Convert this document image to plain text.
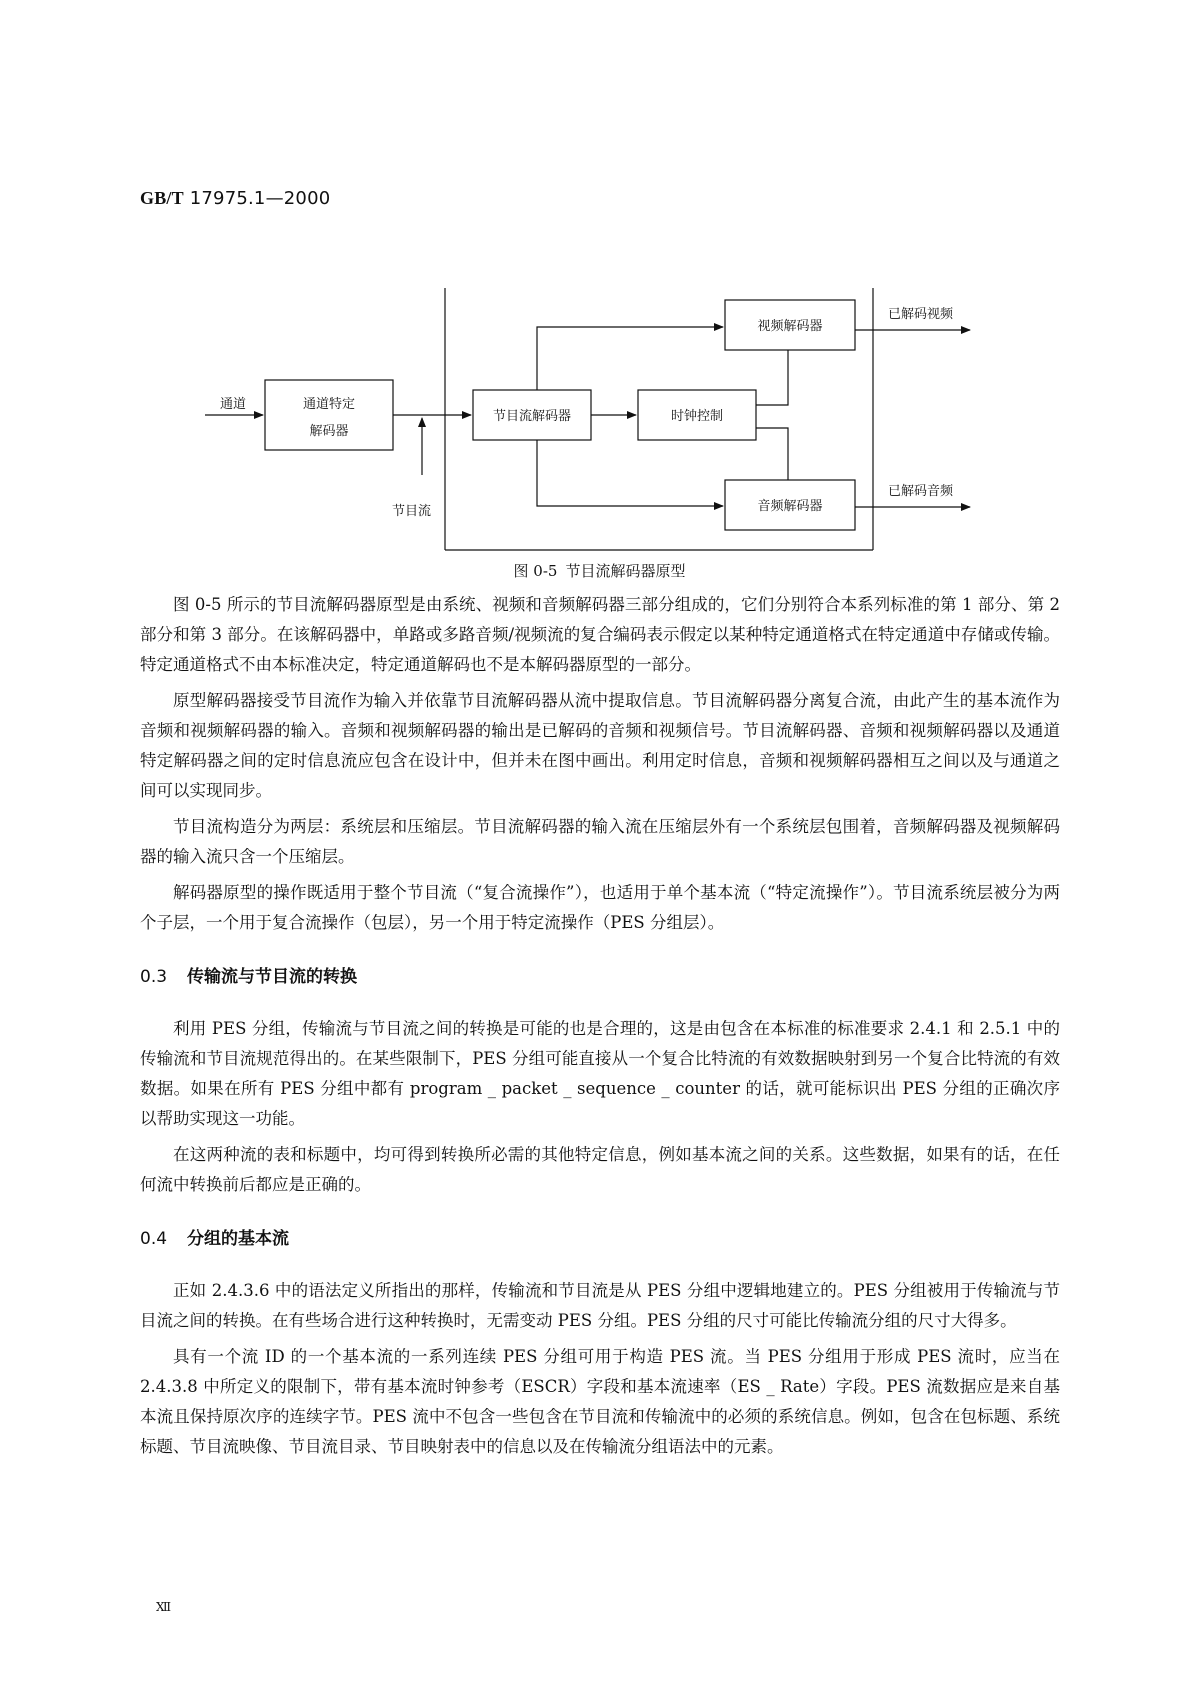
GB/T 17975.1—2000
通道	通道特定
解码器
节目流
节目流解码器	时钟控制
视频解码器
音频解码器
已解码视频
已解码音频
图 0-5 节目流解码器原型

图 0-5 所示的节目流解码器原型是由系统、视频和音频解码器三部分组成的，它们分别符合本系列标准的第 1 部分、第 2 部分和第 3 部分。在该解码器中，单路或多路音频/视频流的复合编码表示假定以某种特定通道格式在特定通道中存储或传输。特定通道格式不由本标准决定，特定通道解码也不是本解码器原型的一部分。

原型解码器接受节目流作为输入并依靠节目流解码器从流中提取信息。节目流解码器分离复合流，由此产生的基本流作为音频和视频解码器的输入。音频和视频解码器的输出是已解码的音频和视频信号。节目流解码器、音频和视频解码器以及通道特定解码器之间的定时信息流应包含在设计中，但并未在图中画出。利用定时信息，音频和视频解码器相互之间以及与通道之间可以实现同步。

节目流构造分为两层：系统层和压缩层。节目流解码器的输入流在压缩层外有一个系统层包围着，音频解码器及视频解码器的输入流只含一个压缩层。

解码器原型的操作既适用于整个节目流（“复合流操作”），也适用于单个基本流（“特定流操作”）。节目流系统层被分为两个子层，一个用于复合流操作（包层），另一个用于特定流操作（PES 分组层）。

0.3 传输流与节目流的转换

利用 PES 分组，传输流与节目流之间的转换是可能的也是合理的，这是由包含在本标准的标准要求 2.4.1 和 2.5.1 中的传输流和节目流规范得出的。在某些限制下，PES 分组可能直接从一个复合比特流的有效数据映射到另一个复合比特流的有效数据。如果在所有 PES 分组中都有 program _ packet _ sequence _ counter 的话，就可能标识出 PES 分组的正确次序以帮助实现这一功能。

在这两种流的表和标题中，均可得到转换所必需的其他特定信息，例如基本流之间的关系。这些数据，如果有的话，在任何流中转换前后都应是正确的。

0.4 分组的基本流

正如 2.4.3.6 中的语法定义所指出的那样，传输流和节目流是从 PES 分组中逻辑地建立的。PES 分组被用于传输流与节目流之间的转换。在有些场合进行这种转换时，无需变动 PES 分组。PES 分组的尺寸可能比传输流分组的尺寸大得多。

具有一个流 ID 的一个基本流的一系列连续 PES 分组可用于构造 PES 流。当 PES 分组用于形成 PES 流时，应当在 2.4.3.8 中所定义的限制下，带有基本流时钟参考（ESCR）字段和基本流速率（ES _ Rate）字段。PES 流数据应是来自基本流且保持原次序的连续字节。PES 流中不包含一些包含在节目流和传输流中的必须的系统信息。例如，包含在包标题、系统标题、节目流映像、节目流目录、节目映射表中的信息以及在传输流分组语法中的元素。

Ⅻ
